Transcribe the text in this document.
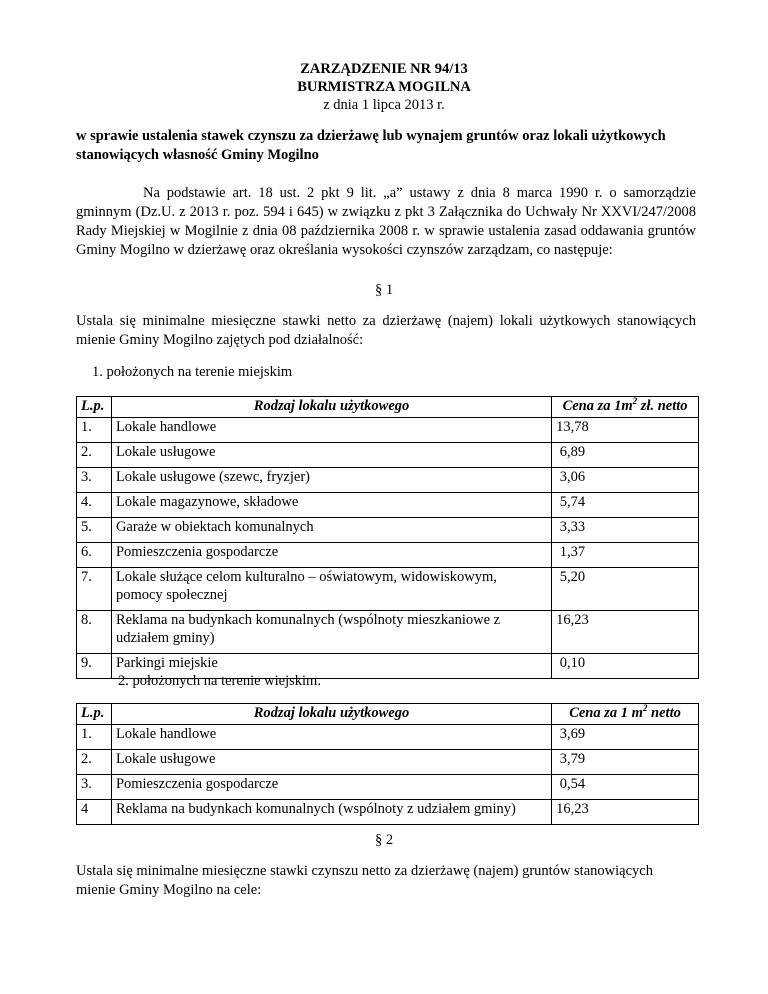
ZARZĄDZENIE NR 94/13
BURMISTRZA MOGILNA
z dnia 1 lipca 2013 r.
w sprawie ustalenia stawek czynszu za dzierżawę lub wynajem gruntów oraz lokali użytkowych stanowiących własność Gminy Mogilno
Na podstawie art. 18 ust. 2 pkt 9 lit. „a” ustawy z dnia 8 marca 1990 r. o samorządzie gminnym (Dz.U. z 2013 r. poz. 594 i 645) w związku z pkt 3 Załącznika do Uchwały Nr XXVI/247/2008 Rady Miejskiej w Mogilnie z dnia 08 października 2008 r. w sprawie ustalenia zasad oddawania gruntów Gminy Mogilno w dzierżawę oraz określania wysokości czynszów zarządzam, co następuje:
§ 1
Ustala się minimalne miesięczne stawki netto za dzierżawę (najem) lokali użytkowych stanowiących mienie Gminy Mogilno zajętych pod działalność:
1. położonych na terenie miejskim
L.p.	Rodzaj lokalu użytkowego	Cena za $1m^2$ zł. netto
1.	Lokale handlowe	13,78
2.	Lokale usługowe	6,89
3.	Lokale usługowe (szewc, fryzjer)	3,06
4.	Lokale magazynowe, składowe	5,74
5.	Garaże w obiektach komunalnych	3,33
6.	Pomieszczenia gospodarcze	1,37
7.	Lokale służące celom kulturalno – oświatowym, widowiskowym, pomocy społecznej	5,20
8.	Reklama na budynkach komunalnych (wspólnoty mieszkaniowe z udziałem gminy)	16,23
9.	Parkingi miejskie	0,10
2. położonych na terenie wiejskim.
L.p.	Rodzaj lokalu użytkowego	Cena za 1 $m^2$ netto
1.	Lokale handlowe	3,69
2.	Lokale usługowe	3,79
3.	Pomieszczenia gospodarcze	0,54
4	Reklama na budynkach komunalnych (wspólnoty z udziałem gminy)	16,23
§ 2
Ustala się minimalne miesięczne stawki czynszu netto za dzierżawę (najem) gruntów stanowiących mienie Gminy Mogilno na cele:
